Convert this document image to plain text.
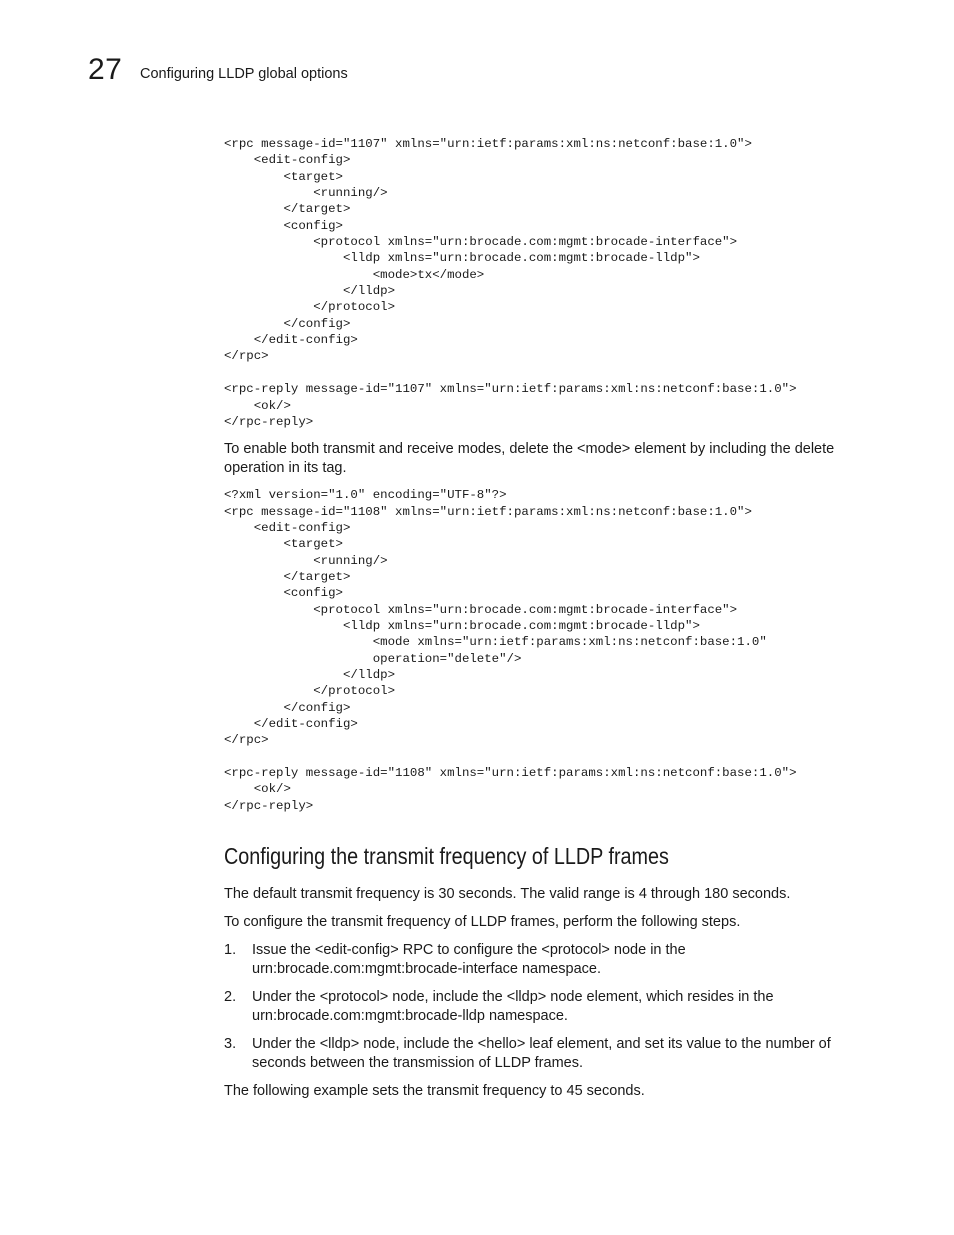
27 Configuring LLDP global options
<rpc message-id="1107" xmlns="urn:ietf:params:xml:ns:netconf:base:1.0">
<edit-config>
<target>
<running/>
</target>
<config>
<protocol xmlns="urn:brocade.com:mgmt:brocade-interface">
<lldp xmlns="urn:brocade.com:mgmt:brocade-lldp">
<mode>tx</mode>
</lldp>
</protocol>
</config>
</edit-config>
</rpc>

<rpc-reply message-id="1107" xmlns="urn:ietf:params:xml:ns:netconf:base:1.0">
<ok/>
</rpc-reply>

To enable both transmit and receive modes, delete the <mode> element by including the delete operation in its tag.

<?xml version="1.0" encoding="UTF-8"?>
<rpc message-id="1108" xmlns="urn:ietf:params:xml:ns:netconf:base:1.0">
<edit-config>
<target>
<running/>
</target>
<config>
<protocol xmlns="urn:brocade.com:mgmt:brocade-interface">
<lldp xmlns="urn:brocade.com:mgmt:brocade-lldp">
<mode xmlns="urn:ietf:params:xml:ns:netconf:base:1.0"
operation="delete"/>
</lldp>
</protocol>
</config>
</edit-config>
</rpc>

<rpc-reply message-id="1108" xmlns="urn:ietf:params:xml:ns:netconf:base:1.0">
<ok/>
</rpc-reply>
Configuring the transmit frequency of LLDP frames

The default transmit frequency is 30 seconds. The valid range is 4 through 180 seconds.

To configure the transmit frequency of LLDP frames, perform the following steps.

1. Issue the <edit-config> RPC to configure the <protocol> node in the urn:brocade.com:mgmt:brocade-interface namespace.
2. Under the <protocol> node, include the <lldp> node element, which resides in the urn:brocade.com:mgmt:brocade-lldp namespace.
3. Under the <lldp> node, include the <hello> leaf element, and set its value to the number of seconds between the transmission of LLDP frames.

The following example sets the transmit frequency to 45 seconds.
